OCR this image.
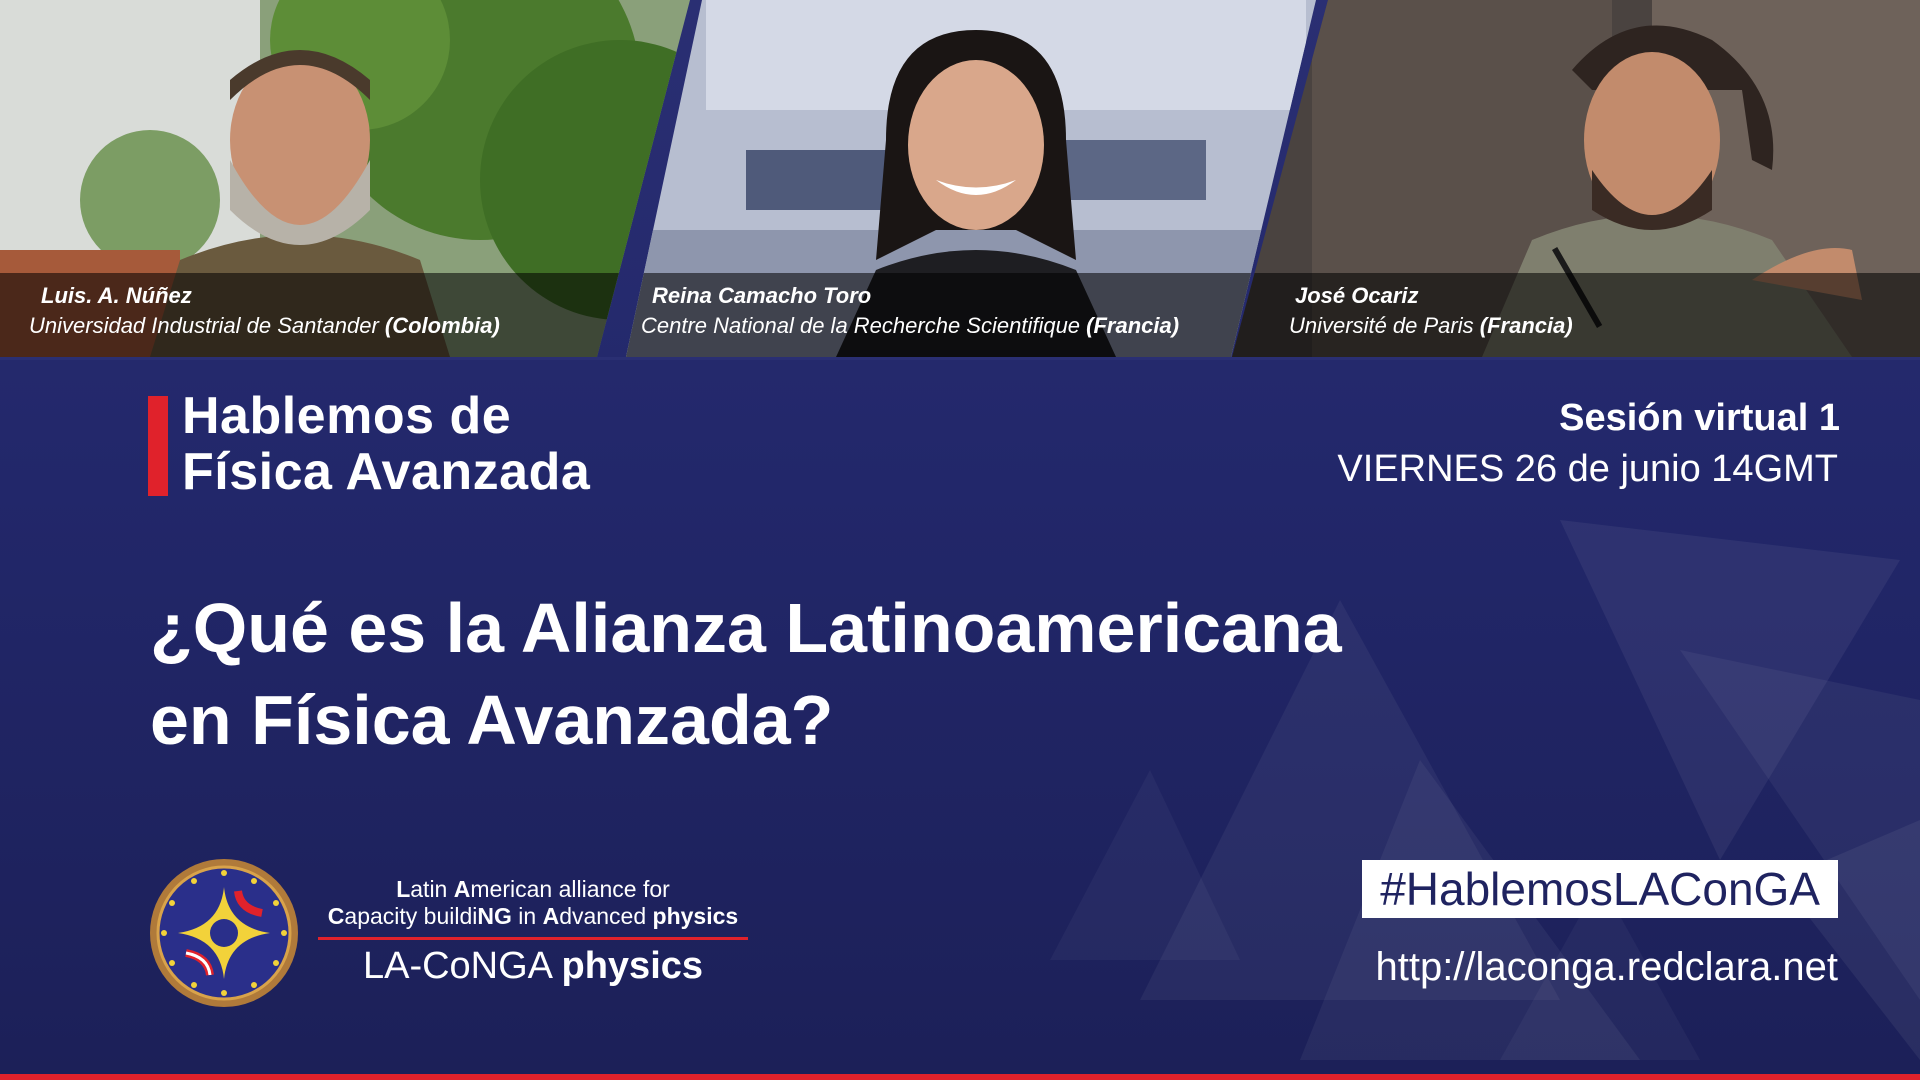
Luis. A. Núñez
Universidad Industrial de Santander (Colombia)
Reina Camacho Toro
Centre National de la Recherche Scientifique (Francia)
José Ocariz
Université de Paris (Francia)
Hablemos de
Física Avanzada
Sesión virtual 1
VIERNES 26 de junio 14GMT
¿Qué es la Alianza Latinoamericana
en Física Avanzada?
Latin American alliance for
Capacity buildiNG in Advanced physics
LA-CoNGA physics
#HablemosLAConGA
http://laconga.redclara.net
